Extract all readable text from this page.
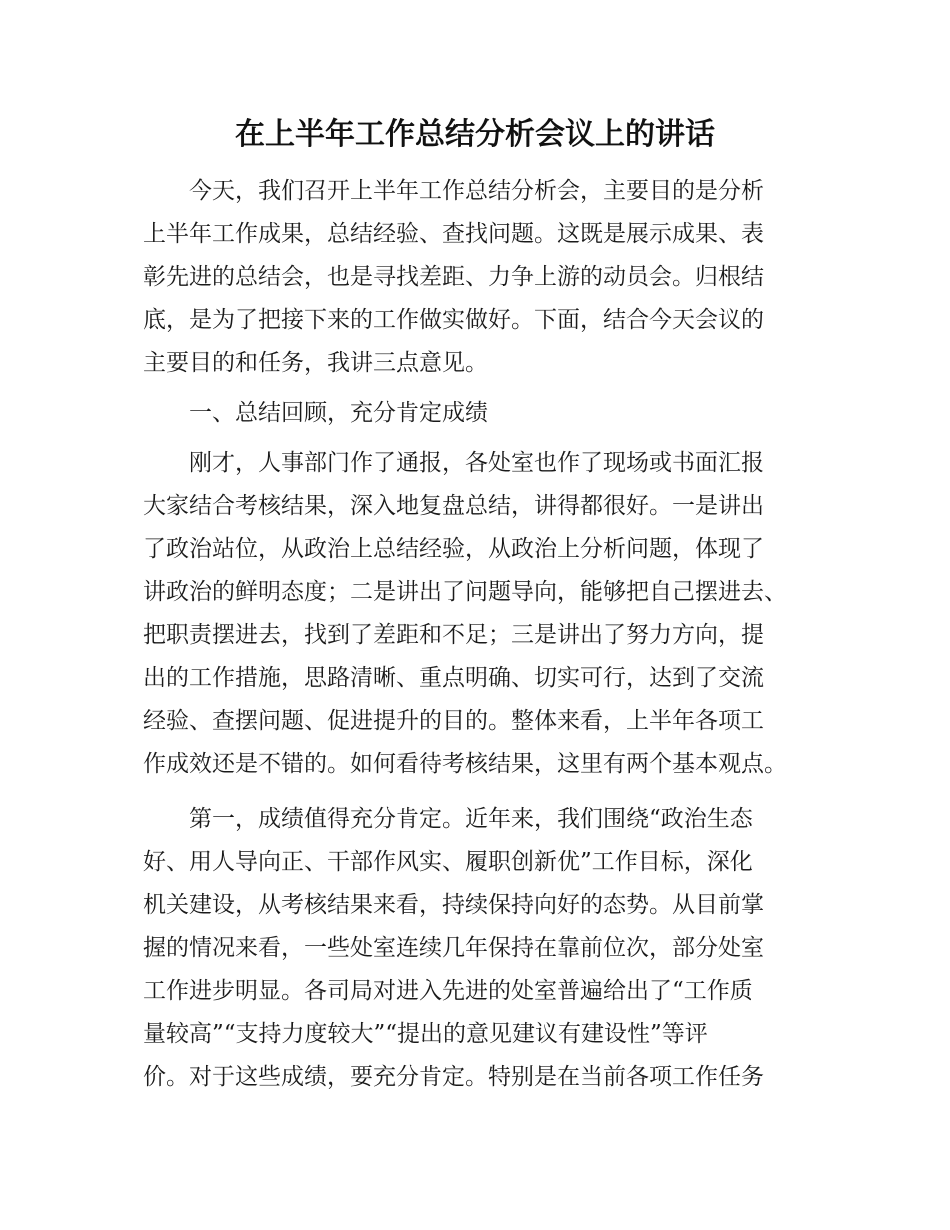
在上半年工作总结分析会议上的讲话

今天，我们召开上半年工作总结分析会，主要目的是分析
上半年工作成果，总结经验、查找问题。这既是展示成果、表
彰先进的总结会，也是寻找差距、力争上游的动员会。归根结
底，是为了把接下来的工作做实做好。下面，结合今天会议的
主要目的和任务，我讲三点意见。

一、总结回顾，充分肯定成绩

刚才，人事部门作了通报，各处室也作了现场或书面汇报
大家结合考核结果，深入地复盘总结，讲得都很好。一是讲出
了政治站位，从政治上总结经验，从政治上分析问题，体现了
讲政治的鲜明态度；二是讲出了问题导向，能够把自己摆进去、
把职责摆进去，找到了差距和不足；三是讲出了努力方向，提
出的工作措施，思路清晰、重点明确、切实可行，达到了交流
经验、查摆问题、促进提升的目的。整体来看，上半年各项工
作成效还是不错的。如何看待考核结果，这里有两个基本观点。

第一，成绩值得充分肯定。近年来，我们围绕“政治生态
好、用人导向正、干部作风实、履职创新优”工作目标，深化
机关建设，从考核结果来看，持续保持向好的态势。从目前掌
握的情况来看，一些处室连续几年保持在靠前位次，部分处室
工作进步明显。各司局对进入先进的处室普遍给出了“工作质
量较高”“支持力度较大”“提出的意见建议有建设性”等评
价。对于这些成绩，要充分肯定。特别是在当前各项工作任务
